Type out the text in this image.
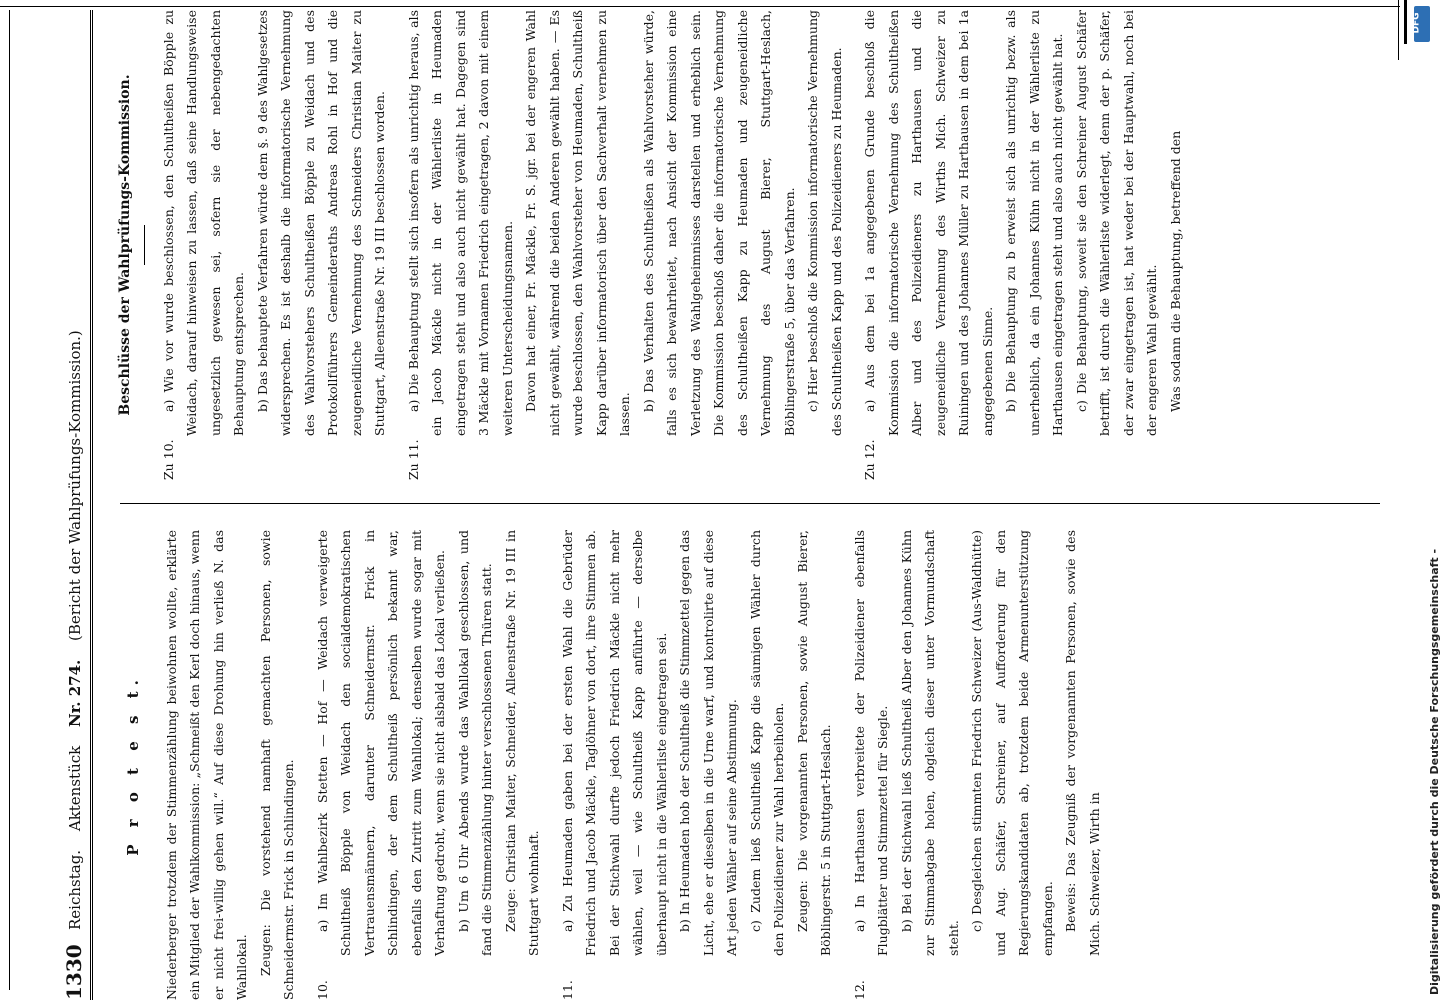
1330
Reichstag. Aktenstück Nr. 274. (Bericht der Wahlprüfungs-Kommission.)
P r o t e s t.	Niederberger trotzdem der Stimmenzählung beiwohnen wollte, erklärte ein Mitglied der Wahlkommission: „Schmeißt den Kerl doch hinaus, wenn er nicht frei-willig gehen will.“ Auf diese Drohung hin verließ N. das Wahllokal. Zeugen: Die vorstehend namhaft gemachten Personen, sowie Schneidermstr. Frick in Schlindingen.	10.

a) Im Wahlbezirk Stetten — Hof — Weidach verweigerte Schultheiß Böpple von Weidach den socialdemokratischen Vertrauensmännern, darunter Schneidermstr. Frick in Schlindingen, der dem Schultheiß persönlich bekannt war, ebenfalls den Zutritt zum Wahllokal; denselben wurde sogar mit Verhaftung gedroht, wenn sie nicht alsbald das Lokal verließen. b) Um 6 Uhr Abends wurde das Wahllokal geschlossen, und fand die Stimmenzählung hinter verschlossenen Thüren statt. Zeuge: Christian Maiter, Schneider, Alleenstraße Nr. 19 III in Stuttgart wohnhaft.

11.

a) Zu Heumaden gaben bei der ersten Wahl die Gebrüder Friedrich und Jacob Mäckle, Taglöhner von dort, ihre Stimmen ab. Bei der Stichwahl durfte jedoch Friedrich Mäckle nicht mehr wählen, weil — wie Schultheiß Kapp anführte — derselbe überhaupt nicht in die Wählerliste eingetragen sei. b) In Heumaden hob der Schultheiß die Stimmzettel gegen das Licht, ehe er dieselben in die Urne warf, und kontrolirte auf diese Art jeden Wähler auf seine Abstimmung. c) Zudem ließ Schultheiß Kapp die säumigen Wähler durch den Polizeidiener zur Wahl herbeiholen. Zeugen: Die vorgenannten Personen, sowie August Bierer, Böblingerstr. 5 in Stuttgart-Heslach.

12.

a) In Harthausen verbreitete der Polizeidiener ebenfalls Flugblätter und Stimmzettel für Siegle. b) Bei der Stichwahl ließ Schultheiß Alber den Johannes Kühn zur Stimmabgabe holen, obgleich dieser unter Vormundschaft steht.

c) Desgleichen stimmten Friedrich Schweizer (Aus-Waldhütte) und Aug. Schäfer, Schreiner, auf Aufforderung für den Regierungskandidaten ab, trotzdem beide Armenunterstützung empfangen. Beweis: Das Zeugniß der vorgenannten Personen, sowie des Mich. Schweizer, Wirth in

Beschlüsse der Wahlprüfungs-Kommission.
Zu 10.

a) Wie vor wurde beschlossen, den Schultheißen Böpple zu Weidach, darauf hinweisen zu lassen, daß seine Handlungsweise ungesetzlich gewesen sei, sofern sie der nebengedachten Behauptung entsprechen. b) Das behauptete Verfahren würde dem §. 9 des Wahlgesetzes widersprechen. Es ist deshalb die informatorische Vernehmung des Wahlvorstehers Schultheißen Böpple zu Weidach und des Protokollführers Gemeinderaths Andreas Rohl in Hof und die zeugeneidliche Vernehmung des Schneiders Christian Maiter zu Stuttgart, Alleenstraße Nr. 19 III beschlossen worden.

Zu 11.

a) Die Behauptung stellt sich insofern als unrichtig heraus, als ein Jacob Mäckle nicht in der Wählerliste in Heumaden eingetragen steht und also auch nicht gewählt hat. Dagegen sind 3 Mäckle mit Vornamen Friedrich eingetragen, 2 davon mit einem weiteren Unterscheidungsnamen. Davon hat einer, Fr. Mäckle, Fr. S. jgr. bei der engeren Wahl nicht gewählt, während die beiden Anderen gewählt haben. — Es wurde beschlossen, den Wahlvorsteher von Heumaden, Schultheiß Kapp darüber informatorisch über den Sachverhalt vernehmen zu lassen.

b) Das Verhalten des Schultheißen als Wahlvorsteher würde, falls es sich bewahrheitet, nach Ansicht der Kommission eine Verletzung des Wahlgeheimnisses darstellen und erheblich sein. Die Kommission beschloß daher die informatorische Vernehmung des Schultheißen Kapp zu Heumaden und zeugeneidliche Vernehmung des August Bierer, Stuttgart-Heslach, Böblingerstraße 5, über das Verfahren. c) Hier beschloß die Kommission informatorische Vernehmung des Schultheißen Kapp und des Polizeidieners zu Heumaden.

Zu 12.

a) Aus dem bei 1a angegebenen Grunde beschloß die Kommission die informatorische Vernehmung des Schultheißen Alber und des Polizeidieners zu Harthausen und die zeugeneidliche Vernehmung des Wirths Mich. Schweizer zu Ruiningen und des Johannes Müller zu Harthausen in dem bei 1a angegebenen Sinne. b) Die Behauptung zu b erweist sich als unrichtig bezw. als unerheblich, da ein Johannes Kühn nicht in der Wählerliste zu Harthausen eingetragen steht und also auch nicht gewählt hat. c) Die Behauptung, soweit sie den Schreiner August Schäfer betrifft, ist durch die Wählerliste widerlegt, denn der p. Schäfer, der zwar eingetragen ist, hat weder bei der Hauptwahl, noch bei der engeren Wahl gewählt. Was sodann die Behauptung, betreffend den

Digitalisierung gefördert durch die Deutsche Forschungsgemeinschaft -
DFG
